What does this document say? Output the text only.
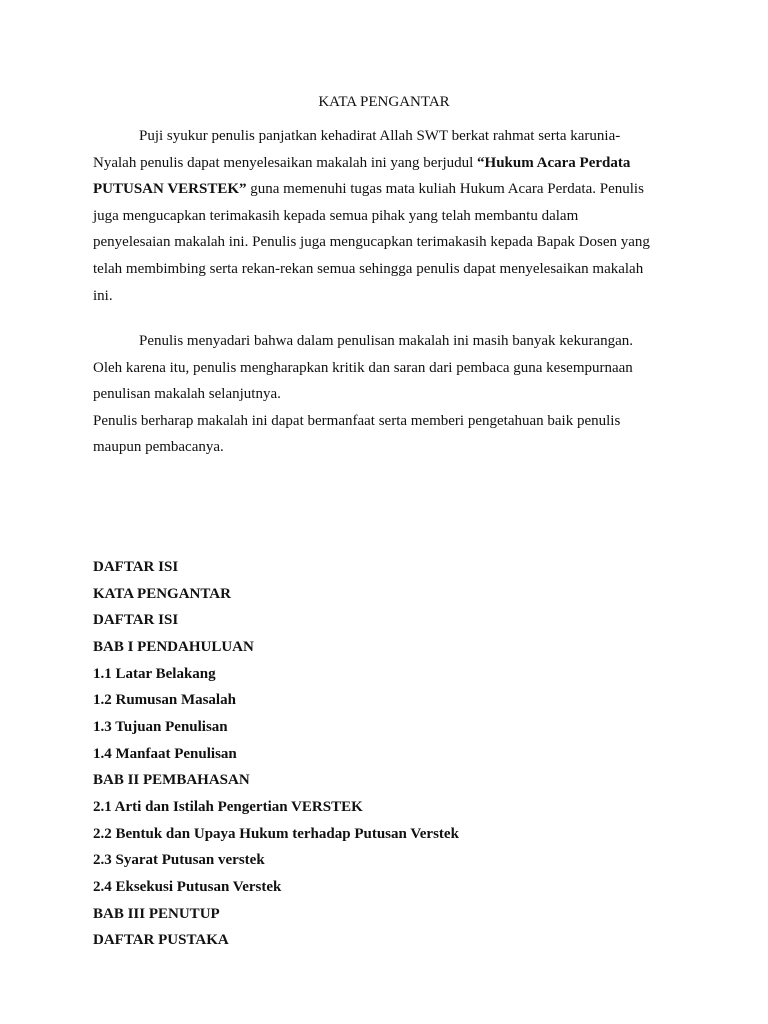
KATA PENGANTAR
Puji syukur penulis panjatkan kehadirat Allah SWT berkat rahmat serta karunia-
Nyalah penulis dapat menyelesaikan makalah ini yang berjudul “Hukum Acara Perdata
PUTUSAN VERSTEK” guna memenuhi tugas mata kuliah Hukum Acara Perdata. Penulis
juga mengucapkan terimakasih kepada semua pihak yang telah membantu dalam
penyelesaian makalah ini. Penulis juga mengucapkan terimakasih kepada Bapak Dosen yang
telah membimbing serta rekan-rekan semua sehingga penulis dapat menyelesaikan makalah
ini.
Penulis menyadari bahwa dalam penulisan makalah ini masih banyak kekurangan.
Oleh karena itu, penulis mengharapkan kritik dan saran dari pembaca guna kesempurnaan
penulisan makalah selanjutnya.
Penulis berharap makalah ini dapat bermanfaat serta memberi pengetahuan baik penulis
maupun pembacanya.
DAFTAR ISI
KATA PENGANTAR
DAFTAR ISI
BAB I PENDAHULUAN
1.1 Latar Belakang
1.2 Rumusan Masalah
1.3 Tujuan Penulisan
1.4 Manfaat Penulisan
BAB II PEMBAHASAN
2.1 Arti dan Istilah Pengertian VERSTEK
2.2 Bentuk dan Upaya Hukum terhadap Putusan Verstek
2.3 Syarat Putusan verstek
2.4 Eksekusi Putusan Verstek
BAB III PENUTUP
DAFTAR PUSTAKA
